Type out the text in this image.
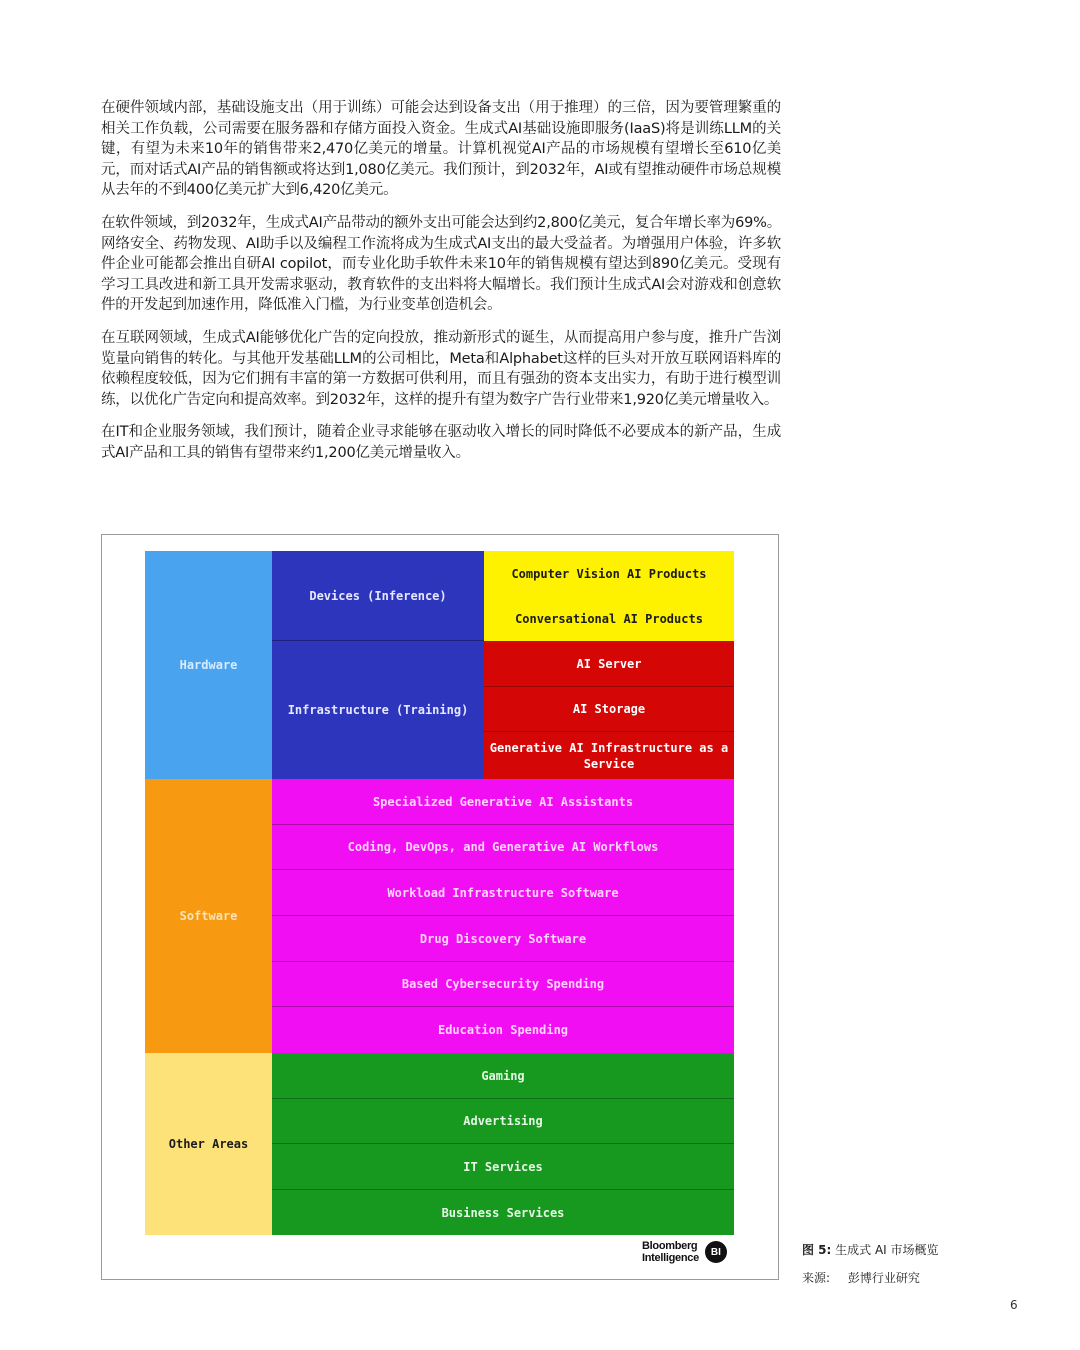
在硬件领域内部，基础设施支出（用于训练）可能会达到设备支出（用于推理）的三倍，因为要管理繁重的相关工作负载，公司需要在服务器和存储方面投入资金。生成式AI基础设施即服务(IaaS)将是训练LLM的关键，有望为未来10年的销售带来2,470亿美元的增量。计算机视觉AI产品的市场规模有望增长至610亿美元，而对话式AI产品的销售额或将达到1,080亿美元。我们预计，到2032年，AI或有望推动硬件市场总规模从去年的不到400亿美元扩大到6,420亿美元。

在软件领域，到2032年，生成式AI产品带动的额外支出可能会达到约2,800亿美元，复合年增长率为69%。网络安全、药物发现、AI助手以及编程工作流将成为生成式AI支出的最大受益者。为增强用户体验，许多软件企业可能都会推出自研AI copilot，而专业化助手软件未来10年的销售规模有望达到890亿美元。受现有学习工具改进和新工具开发需求驱动，教育软件的支出料将大幅增长。我们预计生成式AI会对游戏和创意软件的开发起到加速作用，降低准入门槛，为行业变革创造机会。

在互联网领域，生成式AI能够优化广告的定向投放，推动新形式的诞生，从而提高用户参与度，推升广告浏览量向销售的转化。与其他开发基础LLM的公司相比，Meta和Alphabet这样的巨头对开放互联网语料库的依赖程度较低，因为它们拥有丰富的第一方数据可供利用，而且有强劲的资本支出实力，有助于进行模型训练，以优化广告定向和提高效率。到2032年，这样的提升有望为数字广告行业带来1,920亿美元增量收入。

在IT和企业服务领域，我们预计，随着企业寻求能够在驱动收入增长的同时降低不必要成本的新产品，生成式AI产品和工具的销售有望带来约1,200亿美元增量收入。

Hardware
Devices (Inference)
Infrastructure (Training)
Computer Vision AI Products
Conversational AI Products
AI Server
AI Storage
Generative AI Infrastructure as a Service
Software
Specialized Generative AI Assistants
Coding, DevOps, and Generative AI Workflows
Workload Infrastructure Software
Drug Discovery Software
Based Cybersecurity Spending
Education Spending
Other Areas
Gaming
Advertising
IT Services
Business Services
Bloomberg
Intelligence	BI	图 5: 生成式 AI 市场概览
来源: 彭博行业研究
6
